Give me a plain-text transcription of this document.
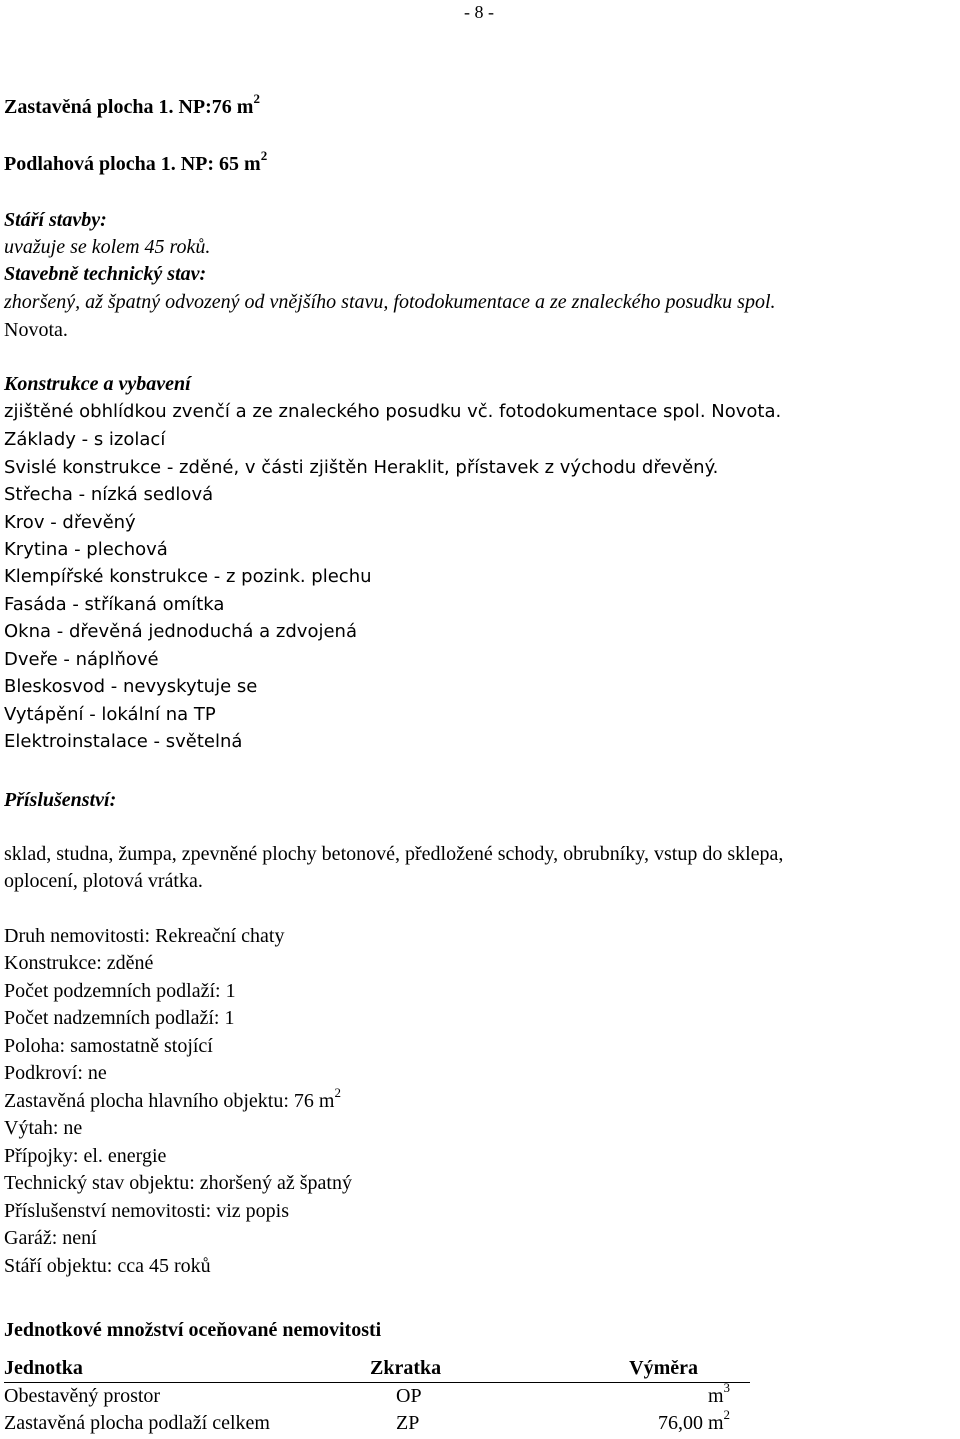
- 8 -
Zastavěná plocha 1. NP:76 $m^2$
Podlahová plocha 1. NP: 65 $m^2$
Stáří stavby:
uvažuje se kolem 45 roků.
Stavebně technický stav:
zhoršený, až špatný odvozený od vnějšího stavu, fotodokumentace a ze znaleckého posudku spol.
Novota.
Konstrukce a vybavení
zjištěné obhlídkou zvenčí a ze znaleckého posudku vč. fotodokumentace spol. Novota.
Základy - s izolací
Svislé konstrukce - zděné, v části zjištěn Heraklit, přístavek z východu dřevěný.
Střecha - nízká sedlová
Krov - dřevěný
Krytina - plechová
Klempířské konstrukce - z pozink. plechu
Fasáda - stříkaná omítka
Okna - dřevěná jednoduchá a zdvojená
Dveře - náplňové
Bleskosvod - nevyskytuje se
Vytápění - lokální na TP
Elektroinstalace - světelná
Příslušenství:
sklad, studna, žumpa, zpevněné plochy betonové, předložené schody, obrubníky, vstup do sklepa,
oplocení, plotová vrátka.
Druh nemovitosti: Rekreační chaty
Konstrukce: zděné
Počet podzemních podlaží: 1
Počet nadzemních podlaží: 1
Poloha: samostatně stojící
Podkroví: ne
Zastavěná plocha hlavního objektu: 76 $m^2$
Výtah: ne
Přípojky: el. energie
Technický stav objektu: zhoršený až špatný
Příslušenství nemovitosti: viz popis
Garáž: není
Stáří objektu: cca 45 roků
Jednotkové množství oceňované nemovitosti
Jednotka	Zkratka	Výměra
Obestavěný prostor	OP	$m^3$
Zastavěná plocha podlaží celkem	ZP	76,00 $m^2$
